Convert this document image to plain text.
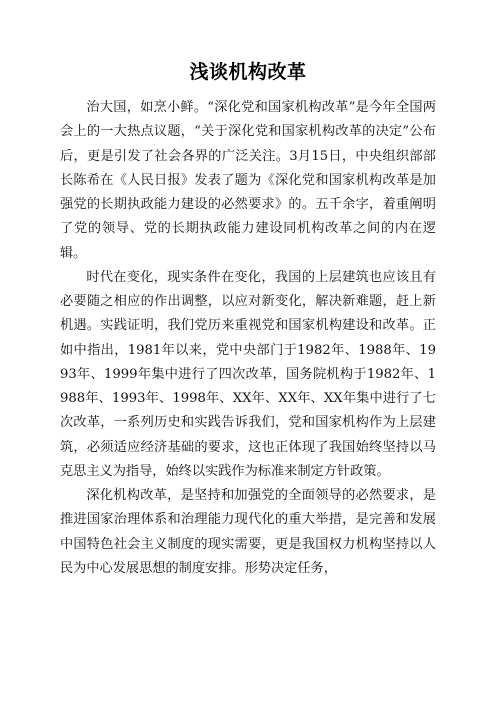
浅谈机构改革

治大国，如烹小鲜。“深化党和国家机构改革”是今年全国两会上的一大热点议题，“关于深化党和国家机构改革的决定”公布后，更是引发了社会各界的广泛关注。3月15日，中央组织部部长陈希在《人民日报》发表了题为《深化党和国家机构改革是加强党的长期执政能力建设的必然要求》的。五千余字，着重阐明了党的领导、党的长期执政能力建设同机构改革之间的内在逻辑。

时代在变化，现实条件在变化，我国的上层建筑也应该且有必要随之相应的作出调整，以应对新变化，解决新难题，赶上新机遇。实践证明，我们党历来重视党和国家机构建设和改革。正如中指出，1981年以来，党中央部门于1982年、1988年、1993年、1999年集中进行了四次改革，国务院机构于1982年、1988年、1993年、1998年、XX年、XX年、XX年集中进行了七次改革，一系列历史和实践告诉我们，党和国家机构作为上层建筑，必须适应经济基础的要求，这也正体现了我国始终坚持以马克思主义为指导，始终以实践作为标准来制定方针政策。

深化机构改革，是坚持和加强党的全面领导的必然要求，是推进国家治理体系和治理能力现代化的重大举措，是完善和发展中国特色社会主义制度的现实需要，更是我国权力机构坚持以人民为中心发展思想的制度安排。形势决定任务，
